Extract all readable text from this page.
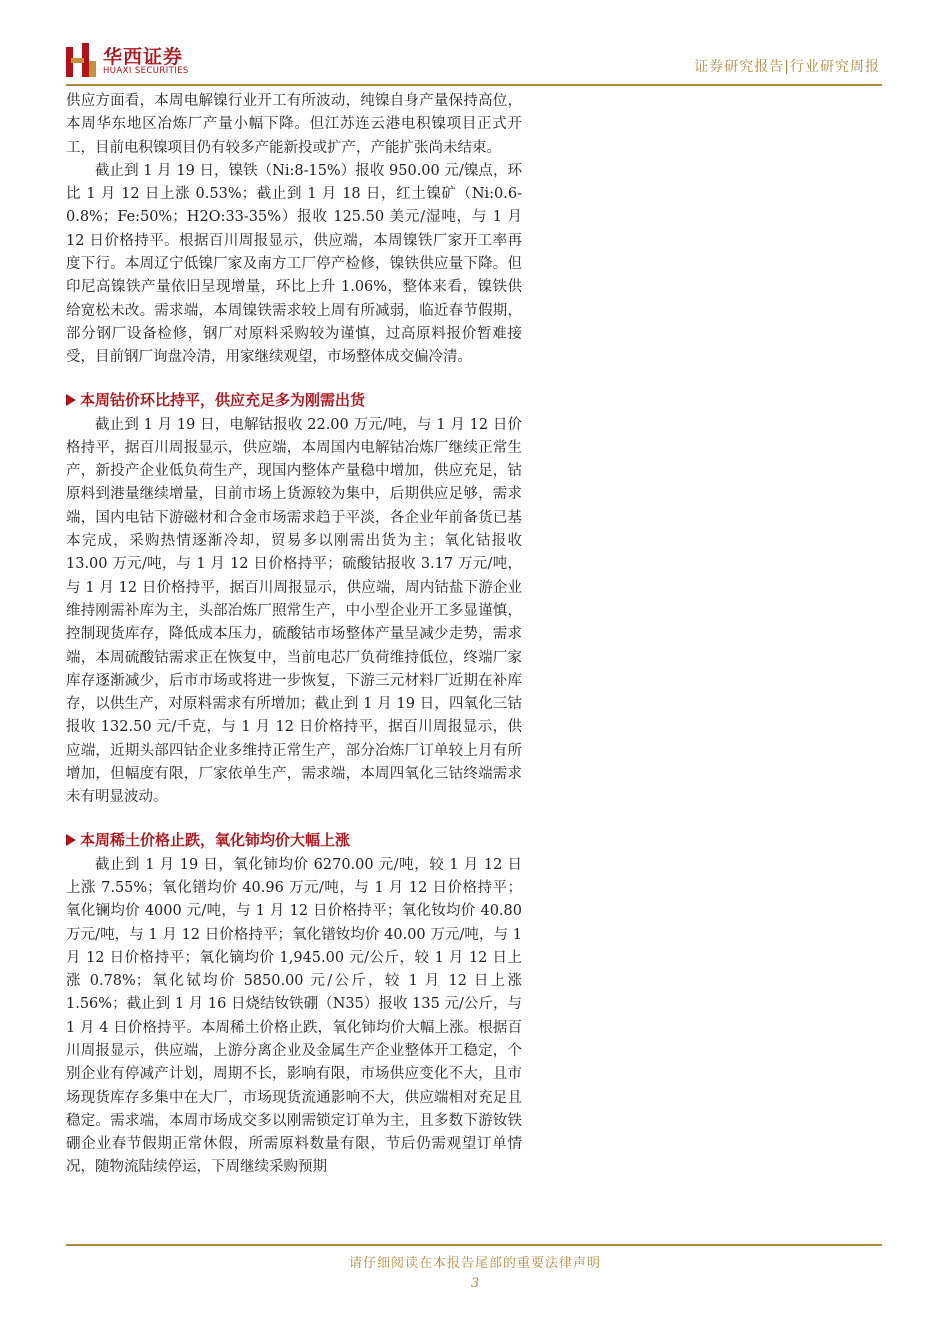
华西证券
HUAXI SECURITIES	证券研究报告|行业研究周报

供应方面看，本周电解镍行业开工有所波动，纯镍自身产量保持高位，本周华东地区冶炼厂产量小幅下降。但江苏连云港电积镍项目正式开工，目前电积镍项目仍有较多产能新投或扩产，产能扩张尚未结束。

截止到 1 月 19 日，镍铁（Ni:8-15%）报收 950.00 元/镍点，环比 1 月 12 日上涨 0.53%；截止到 1 月 18 日，红土镍矿（Ni:0.6-0.8%；Fe:50%；H2O:33-35%）报收 125.50 美元/湿吨，与 1 月 12 日价格持平。根据百川周报显示，供应端，本周镍铁厂家开工率再度下行。本周辽宁低镍厂家及南方工厂停产检修，镍铁供应量下降。但印尼高镍铁产量依旧呈现增量，环比上升 1.06%，整体来看，镍铁供给宽松未改。需求端，本周镍铁需求较上周有所减弱，临近春节假期，部分钢厂设备检修，钢厂对原料采购较为谨慎，过高原料报价暂难接受，目前钢厂询盘冷清，用家继续观望，市场整体成交偏冷清。

本周钴价环比持平，供应充足多为刚需出货

截止到 1 月 19 日，电解钴报收 22.00 万元/吨，与 1 月 12 日价格持平，据百川周报显示，供应端，本周国内电解钴冶炼厂继续正常生产，新投产企业低负荷生产，现国内整体产量稳中增加，供应充足，钴原料到港量继续增量，目前市场上货源较为集中，后期供应足够，需求端，国内电钴下游磁材和合金市场需求趋于平淡，各企业年前备货已基本完成，采购热情逐渐冷却，贸易多以刚需出货为主；氧化钴报收 13.00 万元/吨，与 1 月 12 日价格持平；硫酸钴报收 3.17 万元/吨，与 1 月 12 日价格持平，据百川周报显示，供应端，周内钴盐下游企业维持刚需补库为主，头部冶炼厂照常生产，中小型企业开工多显谨慎，控制现货库存，降低成本压力，硫酸钴市场整体产量呈减少走势，需求端，本周硫酸钴需求正在恢复中，当前电芯厂负荷维持低位，终端厂家库存逐渐减少，后市市场或将进一步恢复，下游三元材料厂近期在补库存，以供生产，对原料需求有所增加；截止到 1 月 19 日，四氧化三钴报收 132.50 元/千克，与 1 月 12 日价格持平，据百川周报显示，供应端，近期头部四钴企业多维持正常生产，部分冶炼厂订单较上月有所增加，但幅度有限，厂家依单生产，需求端，本周四氧化三钴终端需求未有明显波动。

本周稀土价格止跌，氧化铈均价大幅上涨

截止到 1 月 19 日，氧化铈均价 6270.00 元/吨，较 1 月 12 日上涨 7.55%；氧化镨均价 40.96 万元/吨，与 1 月 12 日价格持平；氧化镧均价 4000 元/吨，与 1 月 12 日价格持平；氧化钕均价 40.80 万元/吨，与 1 月 12 日价格持平；氧化镨钕均价 40.00 万元/吨，与 1 月 12 日价格持平；氧化镝均价 1,945.00 元/公斤，较 1 月 12 日上涨 0.78%；氧化铽均价 5850.00 元/公斤，较 1 月 12 日上涨 1.56%；截止到 1 月 16 日烧结钕铁硼（N35）报收 135 元/公斤，与 1 月 4 日价格持平。本周稀土价格止跌，氧化铈均价大幅上涨。根据百川周报显示，供应端，上游分离企业及金属生产企业整体开工稳定，个别企业有停减产计划，周期不长，影响有限，市场供应变化不大，且市场现货库存多集中在大厂，市场现货流通影响不大，供应端相对充足且稳定。需求端，本周市场成交多以刚需锁定订单为主，且多数下游钕铁硼企业春节假期正常休假，所需原料数量有限，节后仍需观望订单情况，随物流陆续停运，下周继续采购预期

请仔细阅读在本报告尾部的重要法律声明
3
